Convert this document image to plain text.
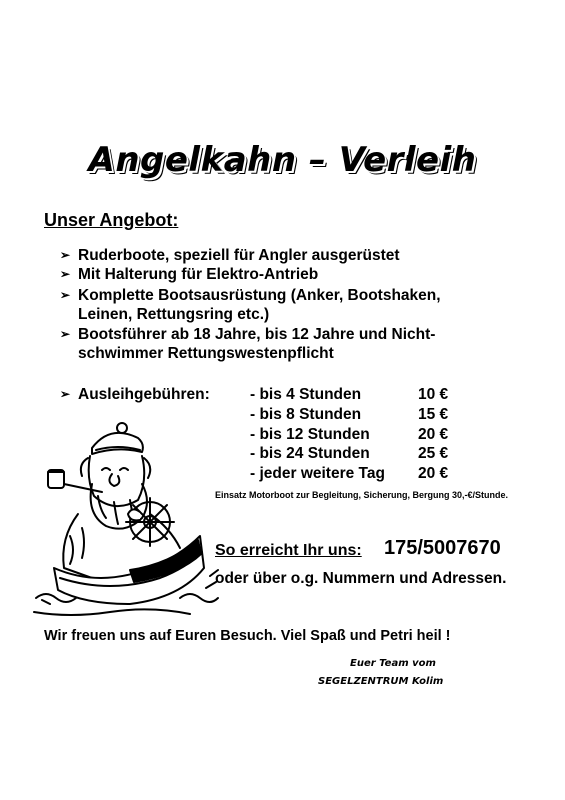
Angelkahn – Verleih
Unser Angebot:
➢ Ruderboote, speziell für Angler ausgerüstet
➢ Mit Halterung für Elektro-Antrieb
➢ Komplette Bootsausrüstung (Anker, Bootshaken,
Leinen, Rettungsring etc.)
➢ Bootsführer ab 18 Jahre, bis 12 Jahre und Nicht-
schwimmer Rettungswestenpflicht
➢ Ausleihgebühren:	- bis 4 Stunden	10 €
- bis 8 Stunden	15 €
- bis 12 Stunden	20 €
- bis 24 Stunden	25 €
- jeder weitere Tag 20 €
Einsatz Motorboot zur Begleitung, Sicherung, Bergung 30,-€/Stunde.
So erreicht Ihr uns: 175/5007670
oder über o.g. Nummern und Adressen.
Wir freuen uns auf Euren Besuch. Viel Spaß und Petri heil !
Euer Team vom
SEGELZENTRUM Kolim
